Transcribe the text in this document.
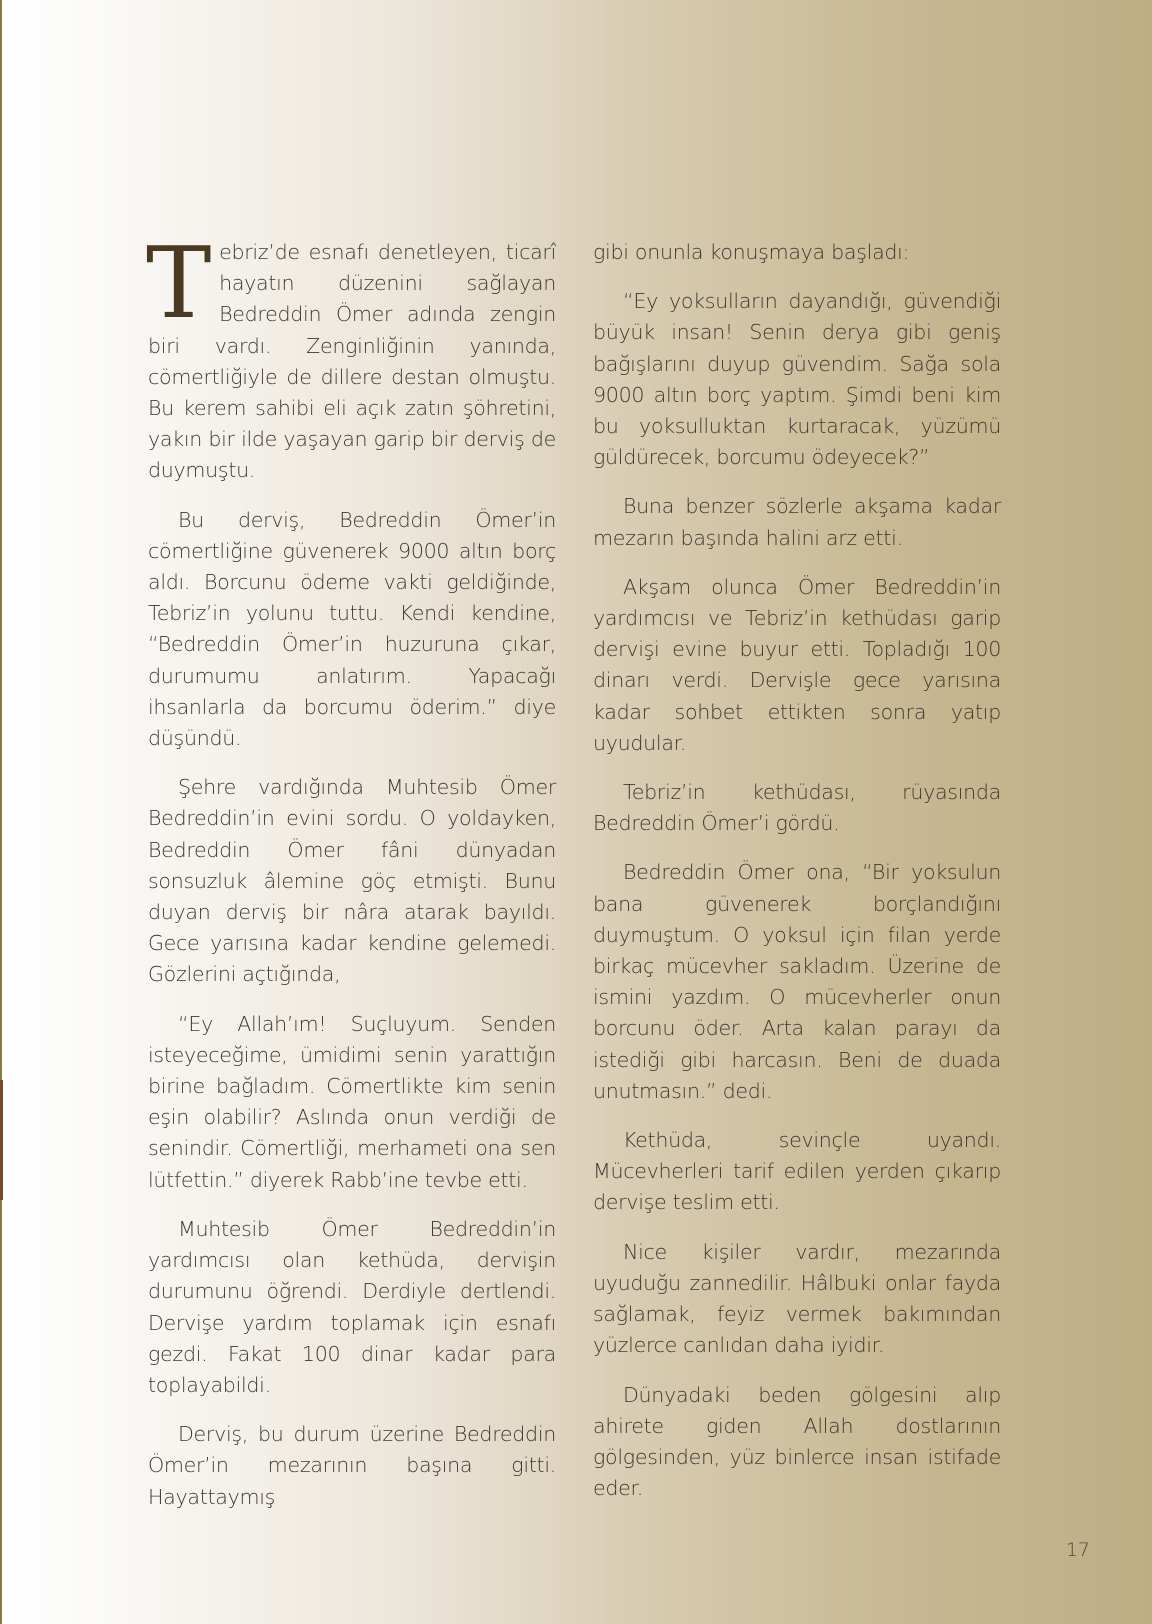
Tebriz’de esnafı denetleyen, ticarî hayatın düzenini sağlayan Bedreddin Ömer adında zengin biri vardı. Zenginliğinin yanında, cömertliğiyle de dillere destan olmuştu. Bu kerem sahibi eli açık zatın şöhretini, yakın bir ilde yaşayan garip bir derviş de duymuştu.

Bu derviş, Bedreddin Ömer’in cömertliğine güvenerek 9000 altın borç aldı. Borcunu ödeme vakti geldiğinde, Tebriz’in yolunu tuttu. Kendi kendine, “Bedreddin Ömer’in huzuruna çıkar, durumumu anlatırım. Yapacağı ihsanlarla da borcumu öderim.” diye düşündü.

Şehre vardığında Muhtesib Ömer Bedreddin’in evini sordu. O yoldayken, Bedreddin Ömer fâni dünyadan sonsuzluk âlemine göç etmişti. Bunu duyan derviş bir nâra atarak bayıldı. Gece yarısına kadar kendine gelemedi. Gözlerini açtığında,

“Ey Allah’ım! Suçluyum. Senden isteyeceğime, ümidimi senin yarattığın birine bağladım. Cömertlikte kim senin eşin olabilir? Aslında onun verdiği de senindir. Cömertliği, merhameti ona sen lütfettin.” diyerek Rabb’ine tevbe etti.

Muhtesib Ömer Bedreddin’in yardımcısı olan kethüda, dervişin durumunu öğrendi. Derdiyle dertlendi. Dervişe yardım toplamak için esnafı gezdi. Fakat 100 dinar kadar para toplayabildi.

Derviş, bu durum üzerine Bedreddin Ömer’in mezarının başına gitti. Hayattaymış

gibi onunla konuşmaya başladı:

“Ey yoksulların dayandığı, güvendiği büyük insan! Senin derya gibi geniş bağışlarını duyup güvendim. Sağa sola 9000 altın borç yaptım. Şimdi beni kim bu yoksulluktan kurtaracak, yüzümü güldürecek, borcumu ödeyecek?”

Buna benzer sözlerle akşama kadar mezarın başında halini arz etti.

Akşam olunca Ömer Bedreddin’in yardımcısı ve Tebriz’in kethüdası garip dervişi evine buyur etti. Topladığı 100 dinarı verdi. Dervişle gece yarısına kadar sohbet ettikten sonra yatıp uyudular.

Tebriz’in kethüdası, rüyasında Bedreddin Ömer’i gördü.

Bedreddin Ömer ona, “Bir yoksulun bana güvenerek borçlandığını duymuştum. O yoksul için filan yerde birkaç mücevher sakladım. Üzerine de ismini yazdım. O mücevherler onun borcunu öder. Arta kalan parayı da istediği gibi harcasın. Beni de duada unutmasın.” dedi.

Kethüda, sevinçle uyandı. Mücevherleri tarif edilen yerden çıkarıp dervişe teslim etti.

Nice kişiler vardır, mezarında uyuduğu zannedilir. Hâlbuki onlar fayda sağlamak, feyiz vermek bakımından yüzlerce canlıdan daha iyidir.

Dünyadaki beden gölgesini alıp ahirete giden Allah dostlarının gölgesinden, yüz binlerce insan istifade eder.

17
